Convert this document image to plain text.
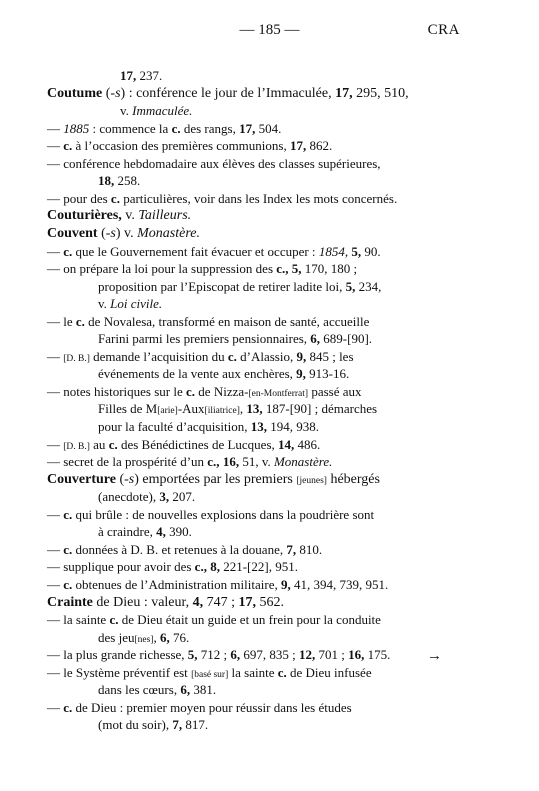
— 185 —	CRA
17, 237.
Coutume (-s) : conférence le jour de l’Immaculée, 17, 295, 510,
v. Immaculée.
— 1885 : commence la c. des rangs, 17, 504.
— c. à l’occasion des premières communions, 17, 862.
— conférence hebdomadaire aux élèves des classes supérieures,
18, 258.
— pour des c. particulières, voir dans les Index les mots concernés.
Couturières, v. Tailleurs.
Couvent (-s) v. Monastère.
— c. que le Gouvernement fait évacuer et occuper : 1854, 5, 90.
— on prépare la loi pour la suppression des c., 5, 170, 180 ;
proposition par l’Episcopat de retirer ladite loi, 5, 234,
v. Loi civile.
— le c. de Novalesa, transformé en maison de santé, accueille
Farini parmi les premiers pensionnaires, 6, 689-[90].
— [D. B.] demande l’acquisition du c. d’Alassio, 9, 845 ; les
événements de la vente aux enchères, 9, 913-16.
— notes historiques sur le c. de Nizza-[en-Montferrat] passé aux
Filles de M[arie]-Aux[iliatrice], 13, 187-[90] ; démarches
pour la faculté d’acquisition, 13, 194, 938.
— [D. B.] au c. des Bénédictines de Lucques, 14, 486.
— secret de la prospérité d’un c., 16, 51, v. Monastère.
Couverture (-s) emportées par les premiers [jeunes] hébergés
(anecdote), 3, 207.
— c. qui brûle : de nouvelles explosions dans la poudrière sont
à craindre, 4, 390.
— c. données à D. B. et retenues à la douane, 7, 810.
— supplique pour avoir des c., 8, 221-[22], 951.
— c. obtenues de l’Administration militaire, 9, 41, 394, 739, 951.
Crainte de Dieu : valeur, 4, 747 ; 17, 562.
— la sainte c. de Dieu était un guide et un frein pour la conduite
des jeu[nes], 6, 76.
— la plus grande richesse, 5, 712 ; 6, 697, 835 ; 12, 701 ; 16, 175.
— le Système préventif est [basé sur] la sainte c. de Dieu infusée
dans les cœurs, 6, 381.
— c. de Dieu : premier moyen pour réussir dans les études
(mot du soir), 7, 817.
→
